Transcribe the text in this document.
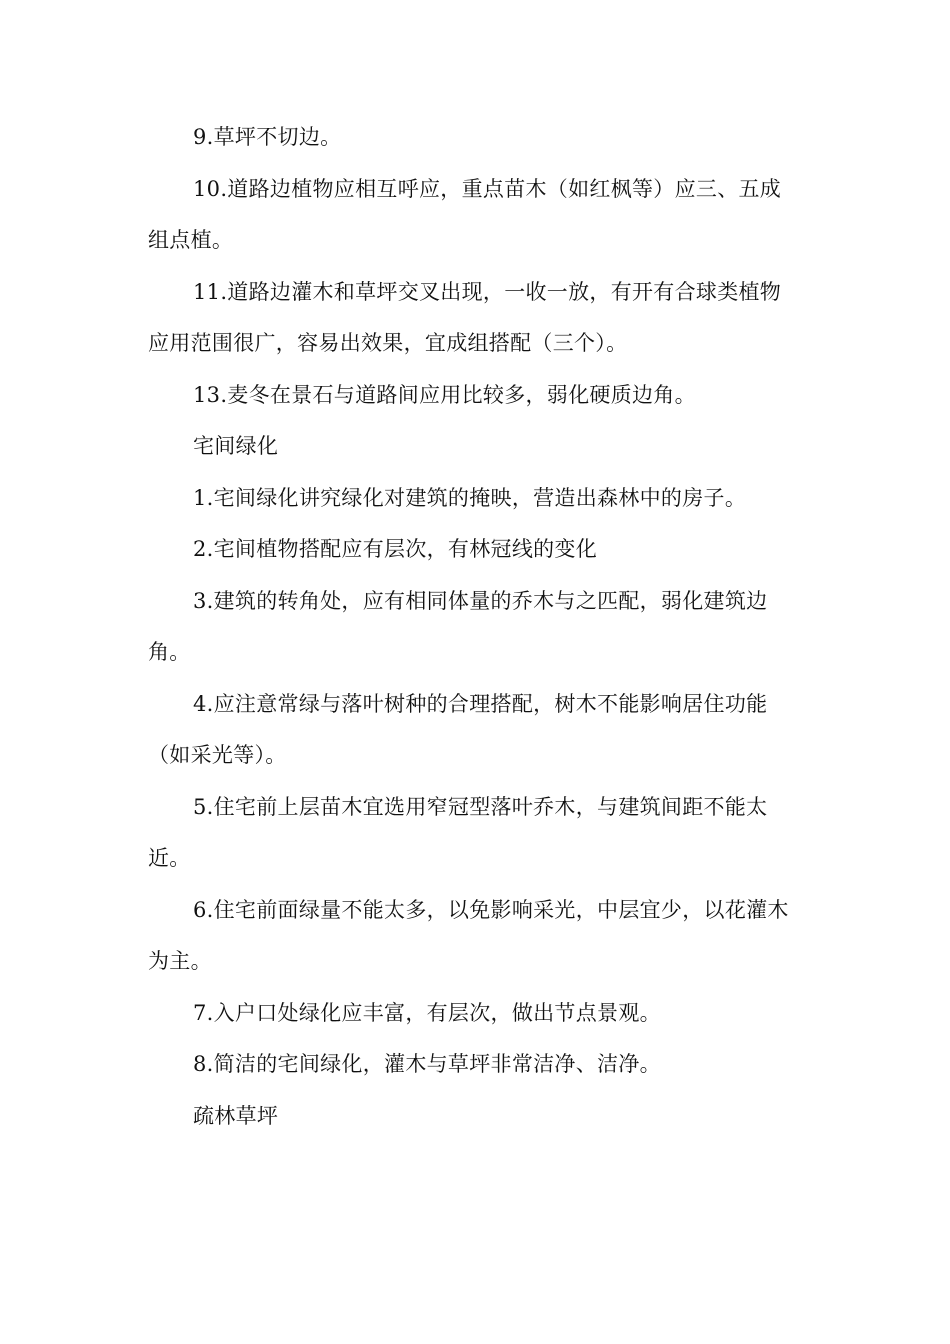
9.草坪不切边。

10.道路边植物应相互呼应，重点苗木（如红枫等）应三、五成组点植。

11.道路边灌木和草坪交叉出现，一收一放，有开有合球类植物应用范围很广，容易出效果，宜成组搭配（三个）。

13.麦冬在景石与道路间应用比较多，弱化硬质边角。

宅间绿化

1.宅间绿化讲究绿化对建筑的掩映，营造出森林中的房子。

2.宅间植物搭配应有层次，有林冠线的变化

3.建筑的转角处，应有相同体量的乔木与之匹配，弱化建筑边角。

4.应注意常绿与落叶树种的合理搭配，树木不能影响居住功能（如采光等）。

5.住宅前上层苗木宜选用窄冠型落叶乔木，与建筑间距不能太近。

6.住宅前面绿量不能太多，以免影响采光，中层宜少，以花灌木为主。

7.入户口处绿化应丰富，有层次，做出节点景观。

8.简洁的宅间绿化，灌木与草坪非常洁净、洁净。

疏林草坪
